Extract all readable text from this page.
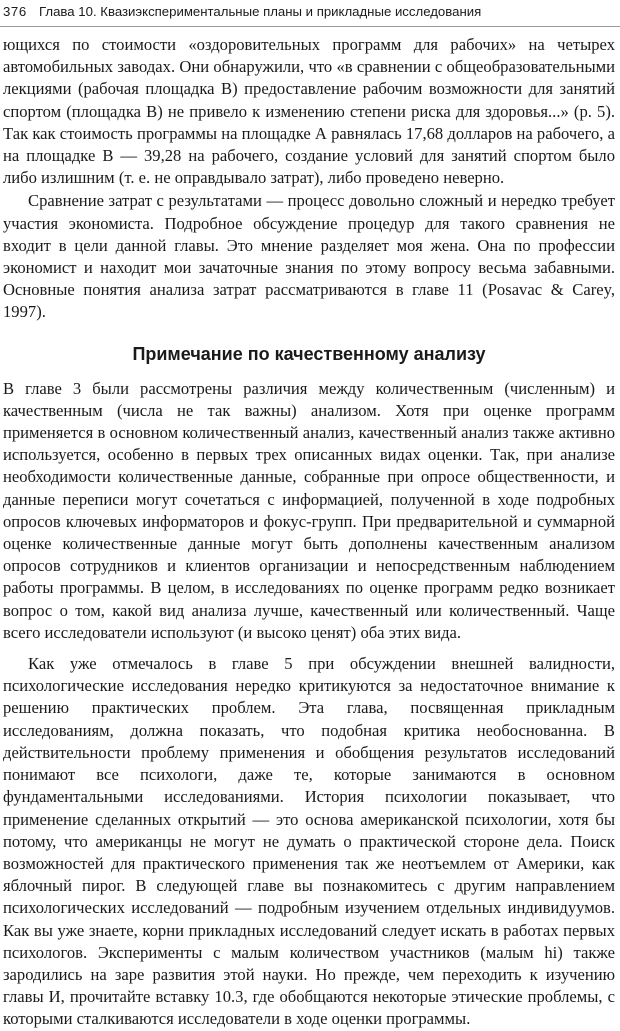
376 Глава 10. Квазиэкспериментальные планы и прикладные исследования

ющихся по стоимости «оздоровительных программ для рабочих» на четырех автомобильных заводах. Они обнаружили, что «в сравнении с общеобразовательными лекциями (рабочая площадка В) предоставление рабочим возможности для занятий спортом (площадка В) не привело к изменению степени риска для здоровья...» (р. 5). Так как стоимость программы на площадке А равнялась 17,68 долларов на рабочего, а на площадке В — 39,28 на рабочего, создание условий для занятий спортом было либо излишним (т. е. не оправдывало затрат), либо проведено неверно.

Сравнение затрат с результатами — процесс довольно сложный и нередко требует участия экономиста. Подробное обсуждение процедур для такого сравнения не входит в цели данной главы. Это мнение разделяет моя жена. Она по профессии экономист и находит мои зачаточные знания по этому вопросу весьма забавными. Основные понятия анализа затрат рассматриваются в главе 11 (Posavac & Carey, 1997).

Примечание по качественному анализу

В главе 3 были рассмотрены различия между количественным (численным) и качественным (числа не так важны) анализом. Хотя при оценке программ применяется в основном количественный анализ, качественный анализ также активно используется, особенно в первых трех описанных видах оценки. Так, при анализе необходимости количественные данные, собранные при опросе общественности, и данные переписи могут сочетаться с информацией, полученной в ходе подробных опросов ключевых информаторов и фокус-групп. При предварительной и суммарной оценке количественные данные могут быть дополнены качественным анализом опросов сотрудников и клиентов организации и непосредственным наблюдением работы программы. В целом, в исследованиях по оценке программ редко возникает вопрос о том, какой вид анализа лучше, качественный или количественный. Чаще всего исследователи используют (и высоко ценят) оба этих вида.

Как уже отмечалось в главе 5 при обсуждении внешней валидности, психологические исследования нередко критикуются за недостаточное внимание к решению практических проблем. Эта глава, посвященная прикладным исследованиям, должна показать, что подобная критика необоснованна. В действительности проблему применения и обобщения результатов исследований понимают все психологи, даже те, которые занимаются в основном фундаментальными исследованиями. История психологии показывает, что применение сделанных открытий — это основа американской психологии, хотя бы потому, что американцы не могут не думать о практической стороне дела. Поиск возможностей для практического применения так же неотъемлем от Америки, как яблочный пирог. В следующей главе вы познакомитесь с другим направлением психологических исследований — подробным изучением отдельных индивидуумов. Как вы уже знаете, корни прикладных исследований следует искать в работах первых психологов. Эксперименты с малым количеством участников (малым hi) также зародились на заре развития этой науки. Но прежде, чем переходить к изучению главы И, прочитайте вставку 10.3, где обобщаются некоторые этические проблемы, с которыми сталкиваются исследователи в ходе оценки программы.
